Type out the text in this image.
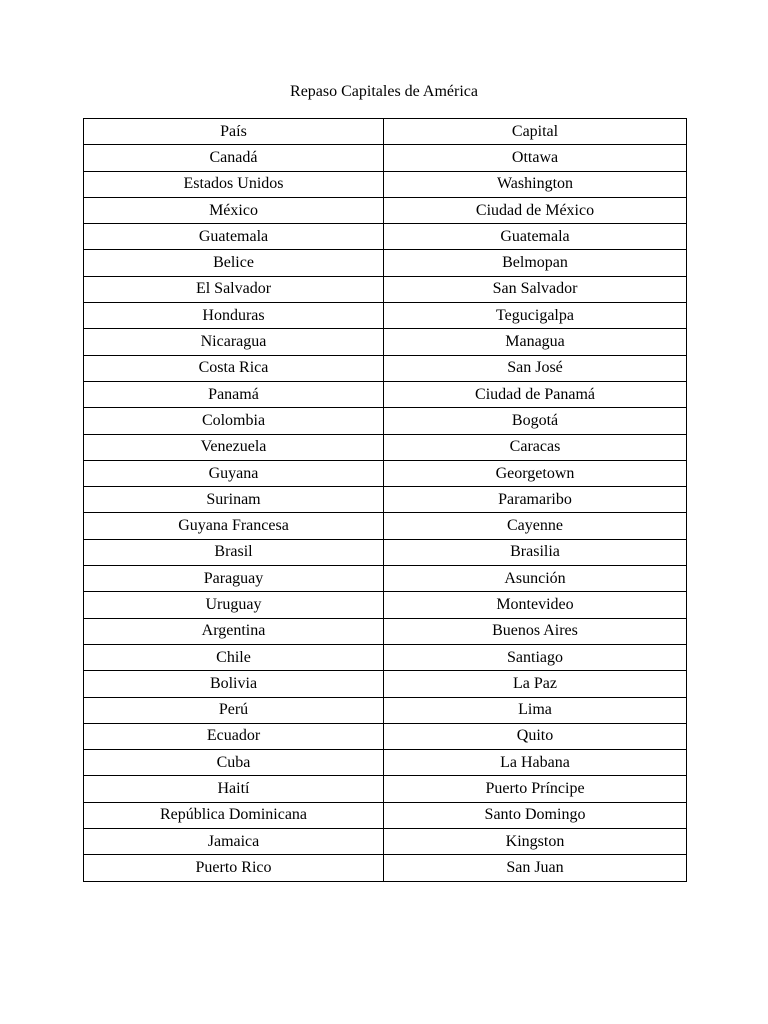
Repaso Capitales de América
País	Capital
Canadá	Ottawa
Estados Unidos	Washington
México	Ciudad de México
Guatemala	Guatemala
Belice	Belmopan
El Salvador	San Salvador
Honduras	Tegucigalpa
Nicaragua	Managua
Costa Rica	San José
Panamá	Ciudad de Panamá
Colombia	Bogotá
Venezuela	Caracas
Guyana	Georgetown
Surinam	Paramaribo
Guyana Francesa	Cayenne
Brasil	Brasilia
Paraguay	Asunción
Uruguay	Montevideo
Argentina	Buenos Aires
Chile	Santiago
Bolivia	La Paz
Perú	Lima
Ecuador	Quito
Cuba	La Habana
Haití	Puerto Príncipe
República Dominicana	Santo Domingo
Jamaica	Kingston
Puerto Rico	San Juan
